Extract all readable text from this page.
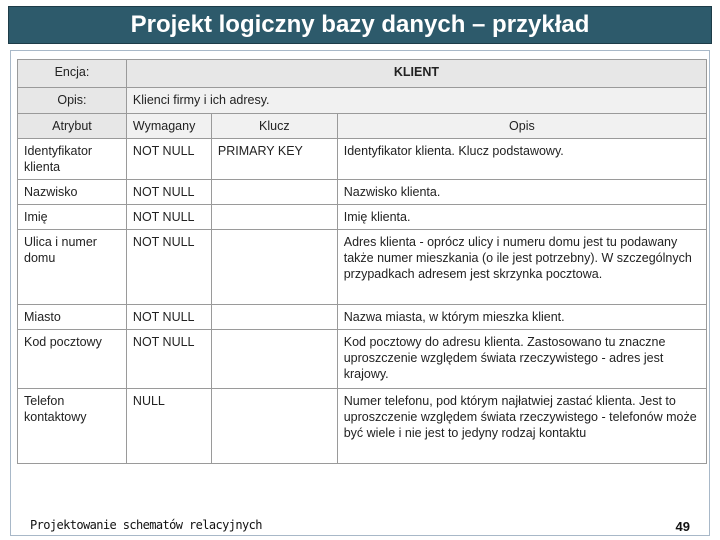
Projekt logiczny bazy danych – przykład
Encja:	KLIENT		
Opis:	Klienci firmy i ich adresy.		
Atrybut	Wymagany	Klucz	Opis
Identyfikator klienta	NOT NULL	PRIMARY KEY	Identyfikator klienta. Klucz podstawowy.
Nazwisko	NOT NULL		Nazwisko klienta.
Imię	NOT NULL		Imię klienta.
Ulica i numer domu	NOT NULL		Adres klienta - oprócz ulicy i numeru domu jest tu podawany także numer mieszkania (o ile jest potrzebny). W szczególnych przypadkach adresem jest skrzynka pocztowa.
Miasto	NOT NULL		Nazwa miasta, w którym mieszka klient.
Kod pocztowy	NOT NULL		Kod pocztowy do adresu klienta. Zastosowano tu znaczne uproszczenie względem świata rzeczywistego - adres jest krajowy.
Telefon kontaktowy	NULL		Numer telefonu, pod którym najłatwiej zastać klienta. Jest to uproszczenie względem świata rzeczywistego - telefonów może być wiele i nie jest to jedyny rodzaj kontaktu
Projektowanie schematów relacyjnych	49
